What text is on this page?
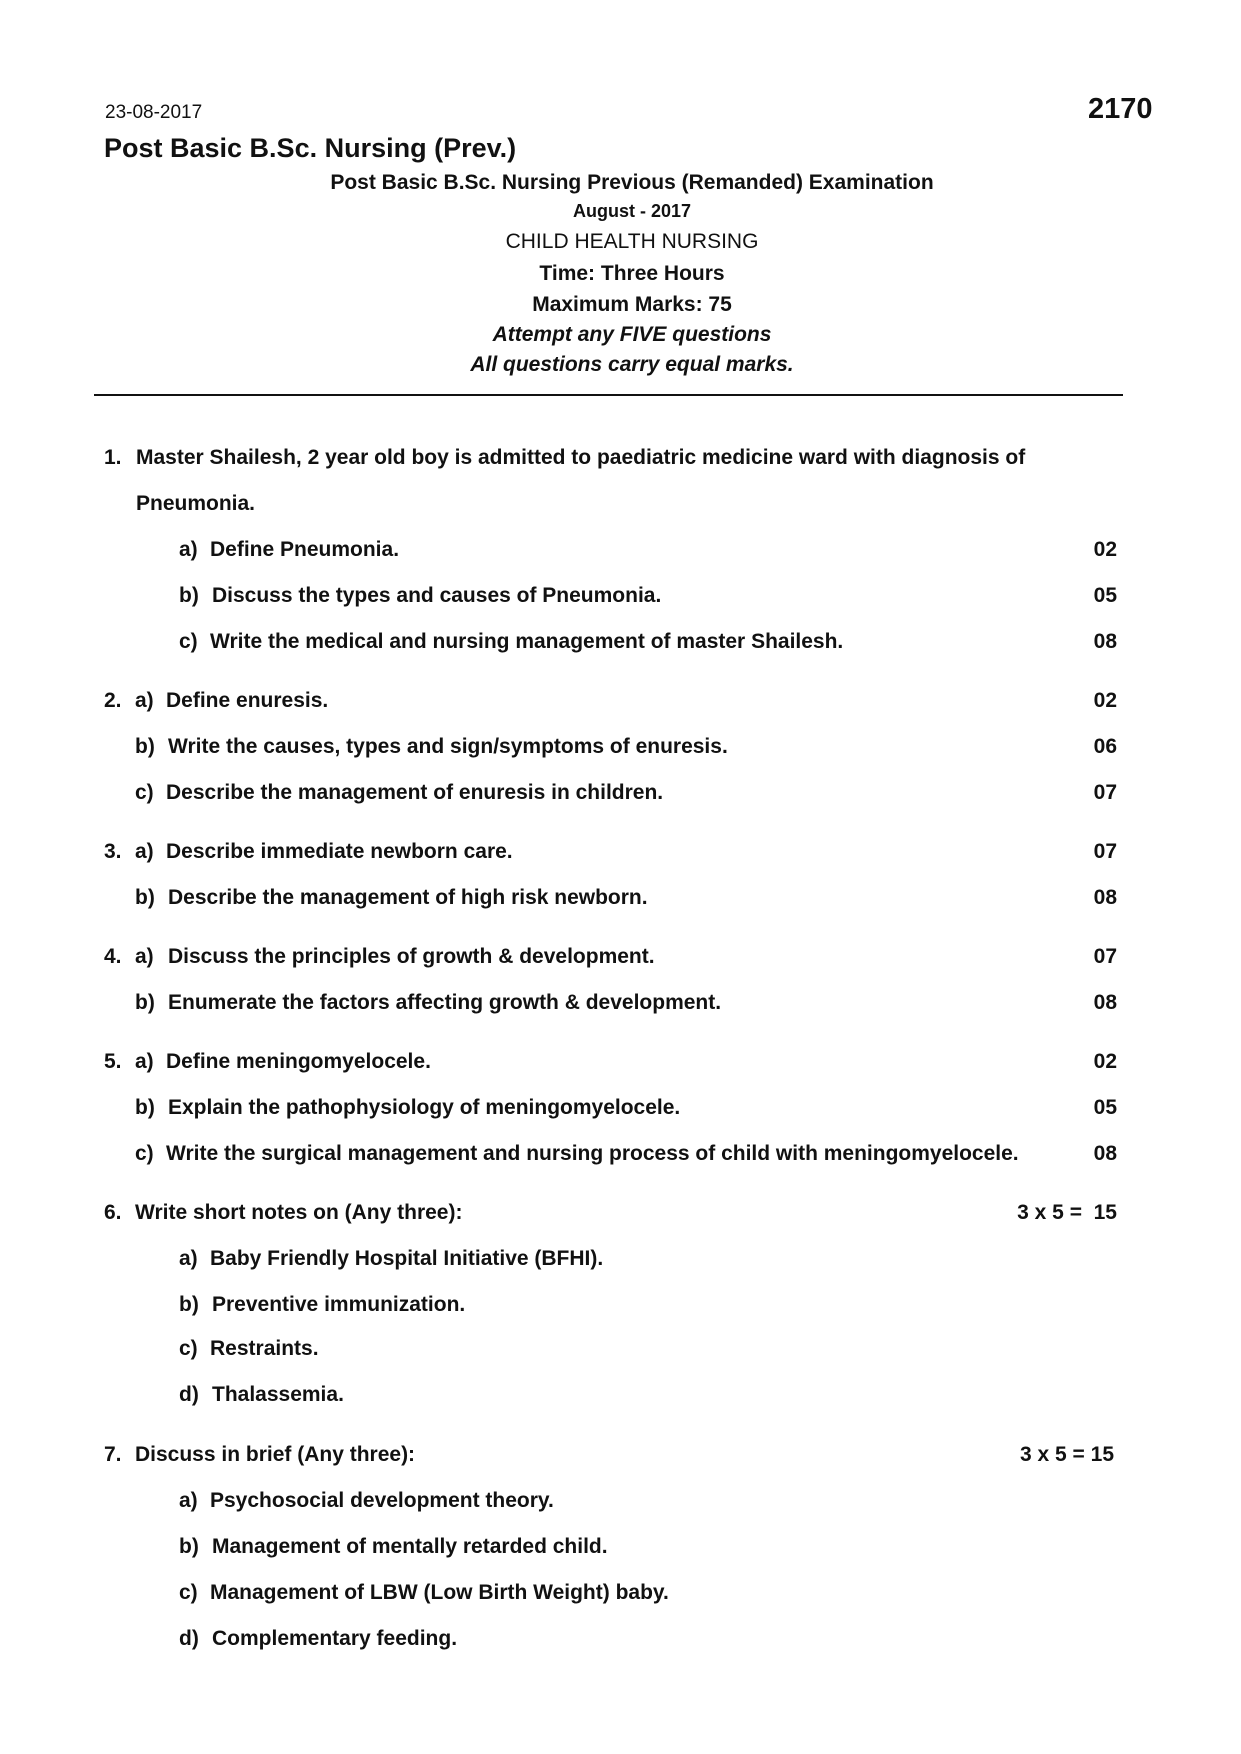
23-08-2017	2170
Post Basic B.Sc. Nursing (Prev.)
Post Basic B.Sc. Nursing Previous (Remanded) Examination
August - 2017
CHILD HEALTH NURSING
Time: Three Hours
Maximum Marks: 75
Attempt any FIVE questions
All questions carry equal marks.
1. Master Shailesh, 2 year old boy is admitted to paediatric medicine ward with diagnosis of
Pneumonia.
a) Define Pneumonia.	02
b) Discuss the types and causes of Pneumonia.	05
c) Write the medical and nursing management of master Shailesh.	08
2. a) Define enuresis.	02
b) Write the causes, types and sign/symptoms of enuresis.	06
c) Describe the management of enuresis in children.	07
3. a) Describe immediate newborn care.	07
b) Describe the management of high risk newborn.	08
4. a) Discuss the principles of growth & development.	07
b) Enumerate the factors affecting growth & development.	08
5. a) Define meningomyelocele.	02
b) Explain the pathophysiology of meningomyelocele.	05
c) Write the surgical management and nursing process of child with meningomyelocele.	08
6. Write short notes on (Any three):	3 x 5 =  15
a) Baby Friendly Hospital Initiative (BFHI).
b) Preventive immunization.
c) Restraints.
d) Thalassemia.
7. Discuss in brief (Any three):	3 x 5 = 15
a) Psychosocial development theory.
b) Management of mentally retarded child.
c) Management of LBW (Low Birth Weight) baby.
d) Complementary feeding.
